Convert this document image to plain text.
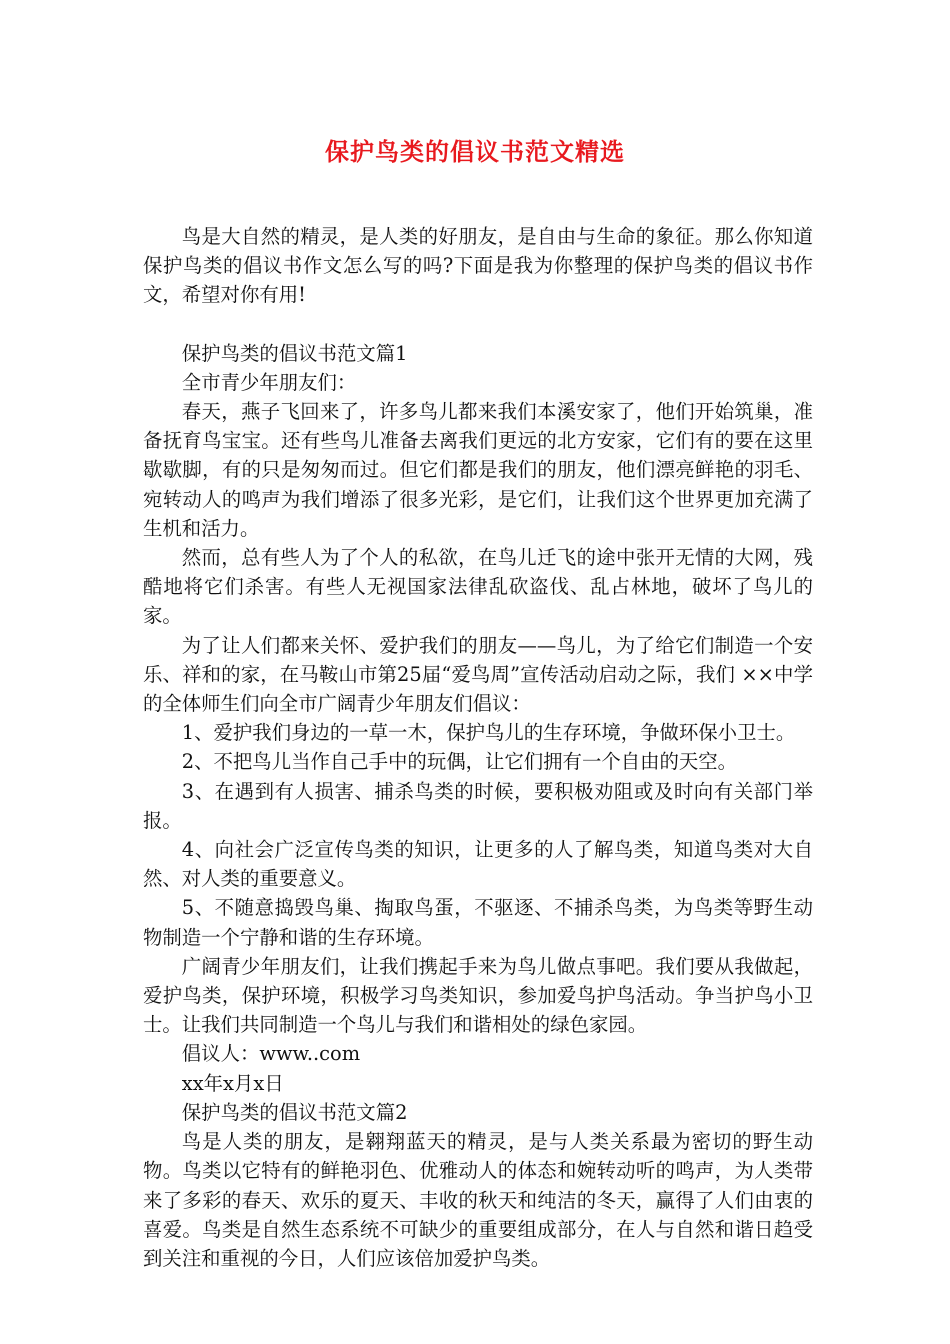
保护鸟类的倡议书范文精选

鸟是大自然的精灵，是人类的好朋友，是自由与生命的象征。那么你知道保护鸟类的倡议书作文怎么写的吗?下面是我为你整理的保护鸟类的倡议书作文，希望对你有用!

保护鸟类的倡议书范文篇1

全市青少年朋友们：

春天，燕子飞回来了，许多鸟儿都来我们本溪安家了，他们开始筑巢，准备抚育鸟宝宝。还有些鸟儿准备去离我们更远的北方安家，它们有的要在这里歇歇脚，有的只是匆匆而过。但它们都是我们的朋友，他们漂亮鲜艳的羽毛、宛转动人的鸣声为我们增添了很多光彩，是它们，让我们这个世界更加充满了生机和活力。

然而，总有些人为了个人的私欲，在鸟儿迁飞的途中张开无情的大网，残酷地将它们杀害。有些人无视国家法律乱砍盗伐、乱占林地，破坏了鸟儿的家。

为了让人们都来关怀、爱护我们的朋友——鸟儿，为了给它们制造一个安乐、祥和的家，在马鞍山市第25届“爱鸟周”宣传活动启动之际，我们 ××中学的全体师生们向全市广阔青少年朋友们倡议：

1、爱护我们身边的一草一木，保护鸟儿的生存环境，争做环保小卫士。

2、不把鸟儿当作自己手中的玩偶，让它们拥有一个自由的天空。

3、在遇到有人损害、捕杀鸟类的时候，要积极劝阻或及时向有关部门举报。

4、向社会广泛宣传鸟类的知识，让更多的人了解鸟类，知道鸟类对大自然、对人类的重要意义。

5、不随意捣毁鸟巢、掏取鸟蛋，不驱逐、不捕杀鸟类，为鸟类等野生动物制造一个宁静和谐的生存环境。

广阔青少年朋友们，让我们携起手来为鸟儿做点事吧。我们要从我做起，爱护鸟类，保护环境，积极学习鸟类知识，参加爱鸟护鸟活动。争当护鸟小卫士。让我们共同制造一个鸟儿与我们和谐相处的绿色家园。

倡议人：www..com

xx年x月x日

保护鸟类的倡议书范文篇2

鸟是人类的朋友，是翱翔蓝天的精灵，是与人类关系最为密切的野生动物。鸟类以它特有的鲜艳羽色、优雅动人的体态和婉转动听的鸣声，为人类带来了多彩的春天、欢乐的夏天、丰收的秋天和纯洁的冬天，赢得了人们由衷的喜爱。鸟类是自然生态系统不可缺少的重要组成部分，在人与自然和谐日趋受到关注和重视的今日，人们应该倍加爱护鸟类。
